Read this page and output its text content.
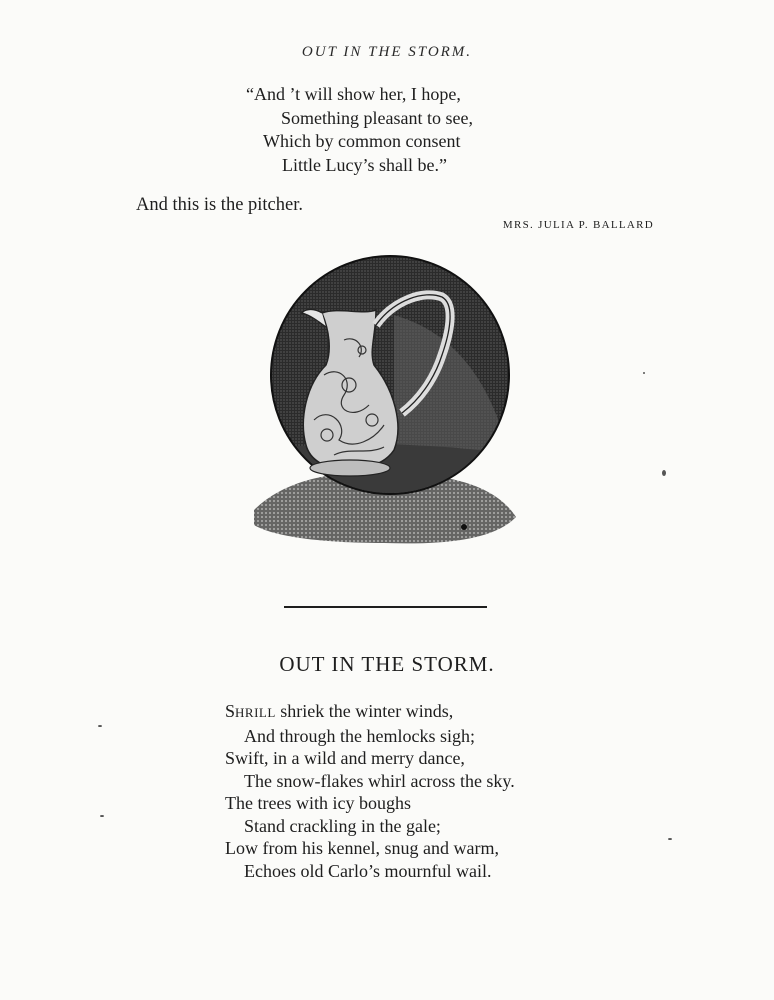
OUT IN THE STORM.
“And ’t will show her, I hope,
Something pleasant to see,
Which by common consent
Little Lucy’s shall be.”
And this is the pitcher.
MRS. JULIA P. BALLARD
OUT IN THE STORM.
SHRILL shriek the winter winds,
And through the hemlocks sigh;
Swift, in a wild and merry dance,
The snow-flakes whirl across the sky.
The trees with icy boughs
Stand crackling in the gale;
Low from his kennel, snug and warm,
Echoes old Carlo’s mournful wail.
